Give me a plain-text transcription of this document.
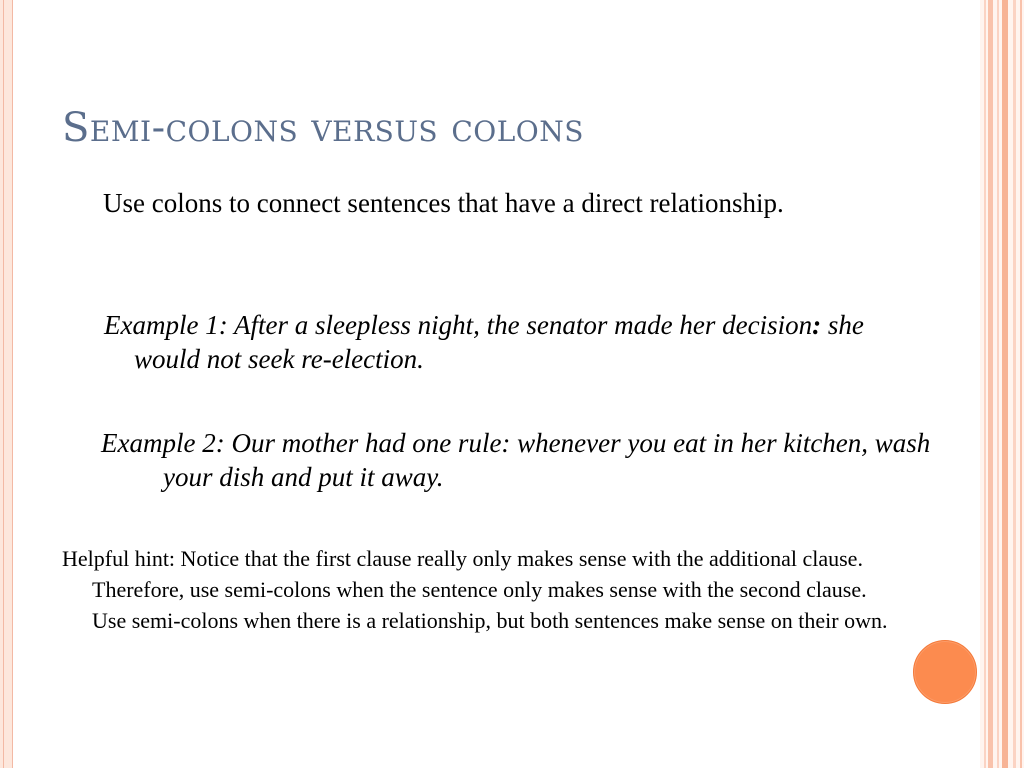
Semi-colons versus colons
Use colons to connect sentences that have a direct relationship.
Example 1: After a sleepless night, the senator made her decision: she would not seek re-election.
Example 2: Our mother had one rule: whenever you eat in her kitchen, wash your dish and put it away.
Helpful hint: Notice that the first clause really only makes sense with the additional clause. Therefore, use semi-colons when the sentence only makes sense with the second clause. Use semi-colons when there is a relationship, but both sentences make sense on their own.
